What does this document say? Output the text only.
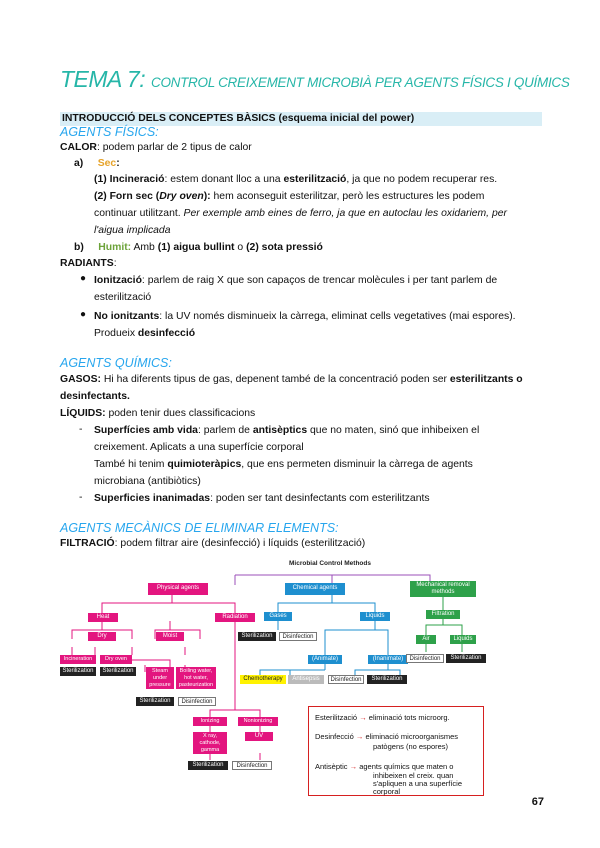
TEMA 7: CONTROL CREIXEMENT MICROBIÀ PER AGENTS FÍSICS I QUÍMICS
INTRODUCCIÓ DELS CONCEPTES BÀSICS (esquema inicial del power)
AGENTS FÍSICS:
CALOR: podem parlar de 2 tipus de calor
a) Sec:
(1) Incineració: estem donant lloc a una esterilització, ja que no podem recuperar res.
(2) Forn sec (Dry oven): hem aconseguit esterilitzar, però les estructures les podem
continuar utilitzant. Per exemple amb eines de ferro, ja que en autoclau les oxidariem, per
l'aigua implicada
b) Humit: Amb (1) aigua bullint o (2) sota pressió
RADIANTS:
● Ionització: parlem de raig X que son capaços de trencar molècules i per tant parlem de
esterilització
● No ionitzants: la UV només disminueix la càrrega, eliminat cells vegetatives (mai espores).
Produeix desinfecció
AGENTS QUÍMICS:
GASOS: Hi ha diferents tipus de gas, depenent també de la concentració poden ser esterilitzants o
desinfectants.
LÍQUIDS: poden tenir dues classificacions
- Superfícies amb vida: parlem de antisèptics que no maten, sinó que inhibeixen el
creixement. Aplicats a una superfície corporal
També hi tenim quimioteràpics, que ens permeten disminuir la càrrega de agents
microbiana (antibiòtics)
- Superficies inanimadas: poden ser tant desinfectants com esterilitzants
AGENTS MECÀNICS DE ELIMINAR ELEMENTS:
FILTRACIÓ: podem filtrar aire (desinfecció) i líquids (esterilització)
Microbial Control Methods
Physical agents	Chemical agents	Mechanical removal methods
Heat	Radiation
Dry	Moist
Incineration	Dry oven
Sterilization	Sterilization	Steam under pressure
Boiling water, hot water, pasteurization
Sterilization	Disinfection
Ionizing	Nonionizing
X ray, cathode, gamma
UV
Sterilization	Disinfection
Gases	Liquids
Sterilization	Disinfection
(Animate)	(Inanimate)
Chemotherapy	Antisepsis	Disinfection	Sterilization
Filtration
Air	Liquids
Disinfection	Sterilization
Esterilització → eliminació tots microorg.
Desinfecció → eliminació microorganismes
patògens (no espores)
Antisèptic → agents químics que maten o
inhibeixen el creix. quan
s'apliquen a una superfície
corporal
67
